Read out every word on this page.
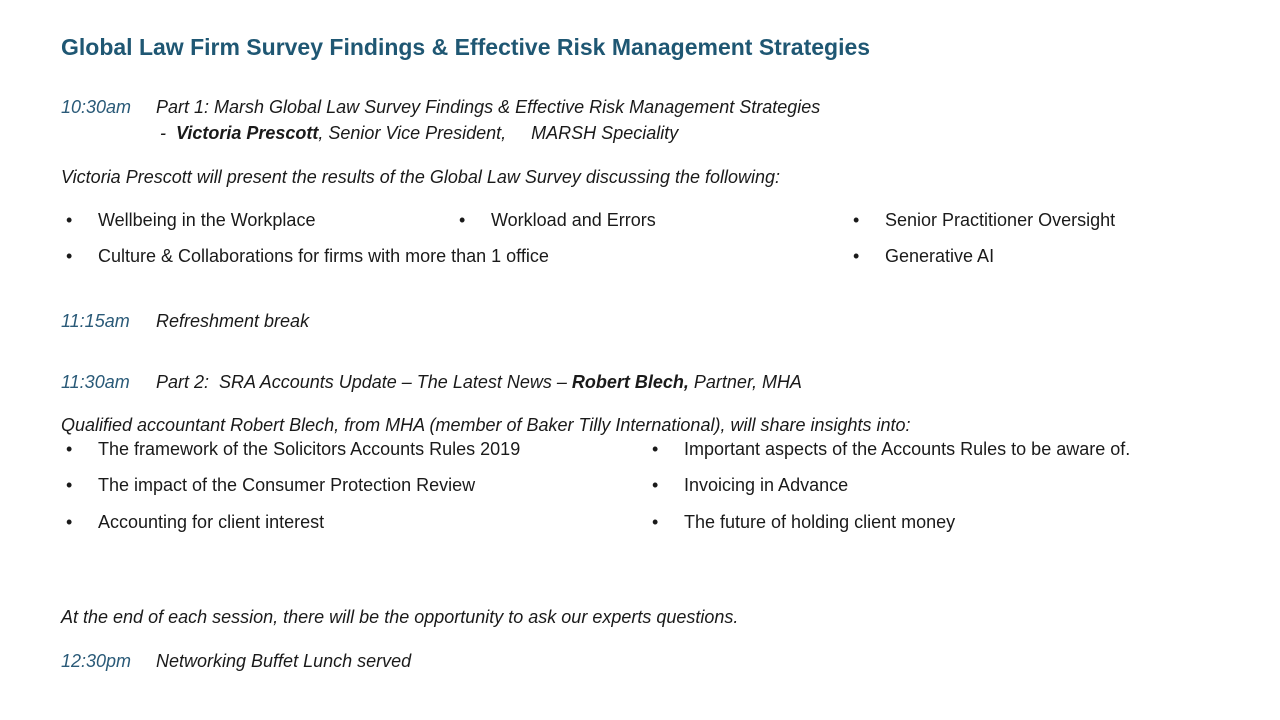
Global Law Firm Survey Findings & Effective Risk Management Strategies
10:30am Part 1: Marsh Global Law Survey Findings & Effective Risk Management Strategies
- Victoria Prescott, Senior Vice President,     MARSH Speciality
Victoria Prescott will present the results of the Global Law Survey discussing the following:
• Wellbeing in the Workplace	• Workload and Errors	• Senior Practitioner Oversight
• Culture & Collaborations for firms with more than 1 office	• Generative AI
11:15am Refreshment break
11:30am Part 2:  SRA Accounts Update – The Latest News – Robert Blech, Partner, MHA
Qualified accountant Robert Blech, from MHA (member of Baker Tilly International), will share insights into:
• The framework of the Solicitors Accounts Rules 2019	• Important aspects of the Accounts Rules to be aware of.
• The impact of the Consumer Protection Review	• Invoicing in Advance
• Accounting for client interest	• The future of holding client money
At the end of each session, there will be the opportunity to ask our experts questions.
12:30pm Networking Buffet Lunch served
